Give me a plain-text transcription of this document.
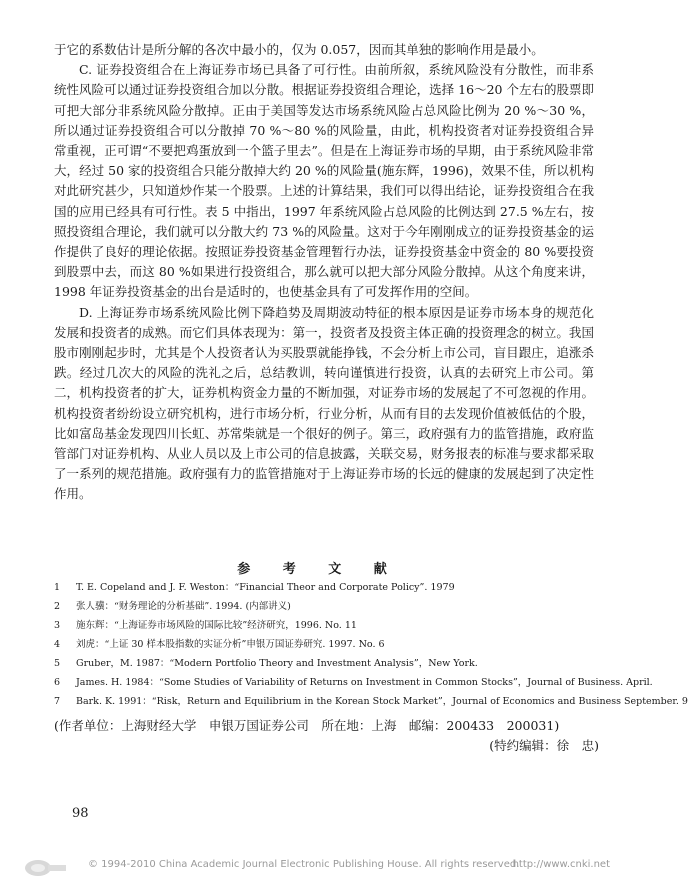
于它的系数估计是所分解的各次中最小的，仅为 0.057，因而其单独的影响作用是最小。

C. 证券投资组合在上海证券市场已具备了可行性。由前所叙，系统风险没有分散性，而非系统性风险可以通过证券投资组合加以分散。根据证券投资组合理论，选择 16～20 个左右的股票即可把大部分非系统风险分散掉。正由于美国等发达市场系统风险占总风险比例为 20 %～30 %，所以通过证券投资组合可以分散掉 70 %～80 %的风险量，由此，机构投资者对证券投资组合异常重视，正可谓“不要把鸡蛋放到一个篮子里去”。但是在上海证券市场的早期，由于系统风险非常大，经过 50 家的投资组合只能分散掉大约 20 %的风险量(施东辉，1996)，效果不佳，所以机构对此研究甚少，只知道炒作某一个股票。上述的计算结果，我们可以得出结论，证券投资组合在我国的应用已经具有可行性。表 5 中指出，1997 年系统风险占总风险的比例达到 27.5 %左右，按照投资组合理论，我们就可以分散大约 73 %的风险量。这对于今年刚刚成立的证券投资基金的运作提供了良好的理论依据。按照证券投资基金管理暂行办法，证券投资基金中资金的 80 %要投资到股票中去，而这 80 %如果进行投资组合，那么就可以把大部分风险分散掉。从这个角度来讲，1998 年证券投资基金的出台是适时的，也使基金具有了可发挥作用的空间。

D. 上海证券市场系统风险比例下降趋势及周期波动特征的根本原因是证券市场本身的规范化发展和投资者的成熟。而它们具体表现为：第一，投资者及投资主体正确的投资理念的树立。我国股市刚刚起步时，尤其是个人投资者认为买股票就能挣钱，不会分析上市公司，盲目跟庄，追涨杀跌。经过几次大的风险的洗礼之后，总结教训，转向谨慎进行投资，认真的去研究上市公司。第二，机构投资者的扩大，证券机构资金力量的不断加强，对证券市场的发展起了不可忽视的作用。机构投资者纷纷设立研究机构，进行市场分析，行业分析，从而有目的去发现价值被低估的个股，比如富岛基金发现四川长虹、苏常柴就是一个很好的例子。第三，政府强有力的监管措施，政府监管部门对证券机构、从业人员以及上市公司的信息披露，关联交易，财务报表的标准与要求都采取了一系列的规范措施。政府强有力的监管措施对于上海证券市场的长远的健康的发展起到了决定性作用。

参 考 文 献
1	T. E. Copeland and J. F. Weston：“Financial Theor and Corporate Policy”. 1979
2	张人骥：“财务理论的分析基础”. 1994. (内部讲义)
3	施东辉：“上海证券市场风险的国际比较”经济研究，1996. No. 11
4	刘虎：“上证 30 样本股指数的实证分析”申银万国证券研究. 1997. No. 6
5	Gruber，M. 1987：“Modern Portfolio Theory and Investment Analysis”，New York.
6	James. H. 1984：“Some Studies of Variability of Returns on Investment in Common Stocks”，Journal of Business. April.
7	Bark. K. 1991：“Risk，Return and Equilibrium in the Korean Stock Market”，Journal of Economics and Business September. 9
(作者单位：上海财经大学　申银万国证券公司　所在地：上海　邮编：200433　200031)
(特约编辑：徐　忠)
98
© 1994-2010 China Academic Journal Electronic Publishing House. All rights reserved.
http://www.cnki.net
